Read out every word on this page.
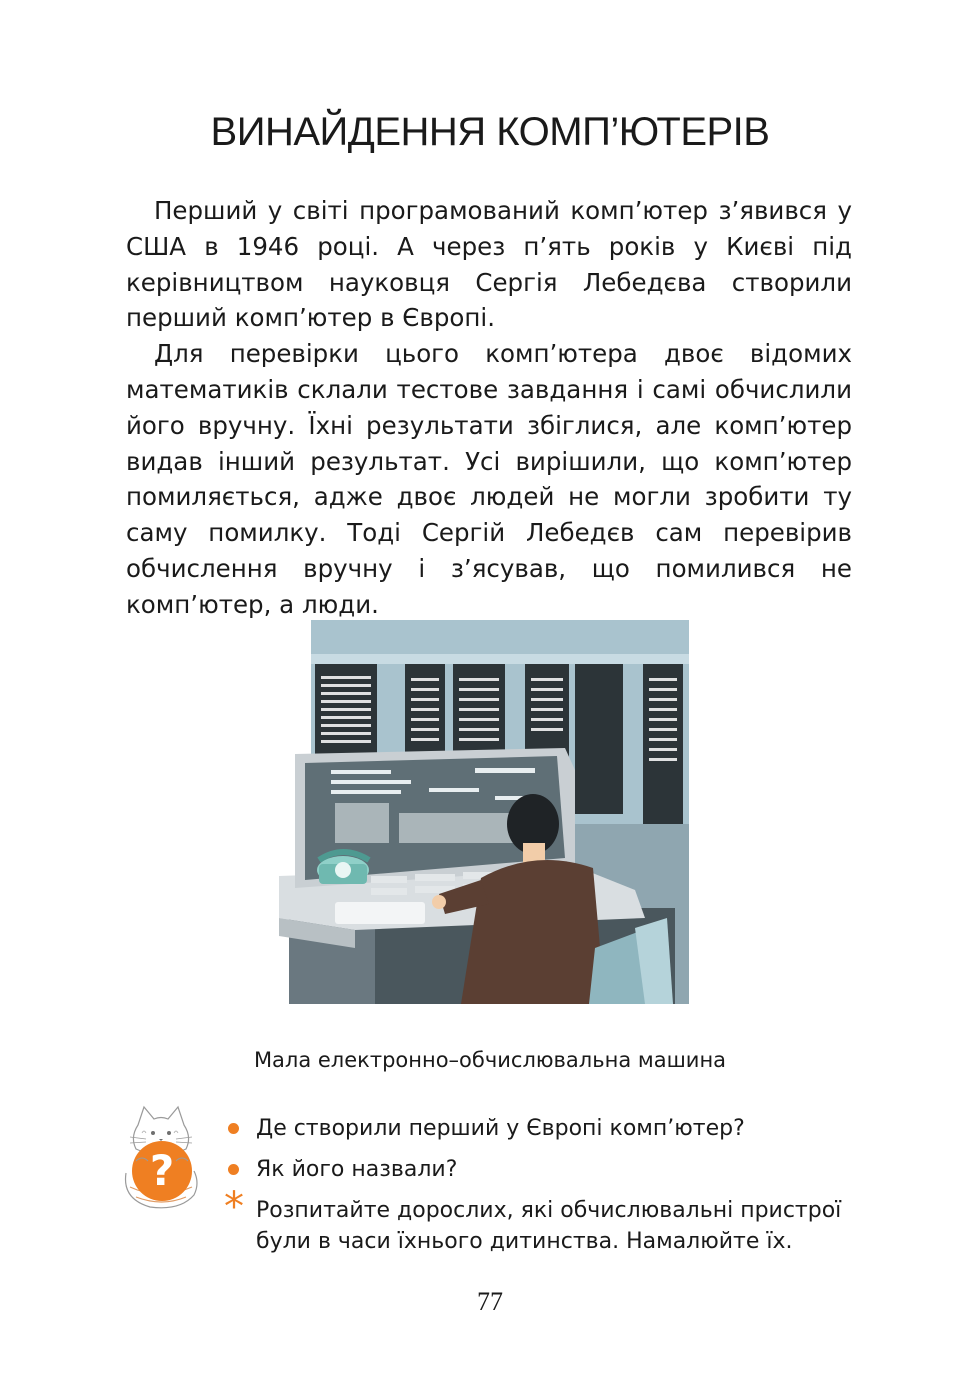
ВИНАЙДЕННЯ КОМП’ЮТЕРІВ

Перший у світі програмований комп’ютер з’явився у США в 1946 році. А через п’ять років у Києві під керівництвом науковця Сергія Лебедєва створили перший комп’ютер в Європі.

Для перевірки цього комп’ютера двоє відомих математиків склали тестове завдання і самі обчислили його вручну. Їхні результати збіглися, але комп’ютер видав інший результат. Усі вирішили, що комп’ютер помиляється, адже двоє людей не могли зробити ту саму помилку. Тоді Сергій Лебедєв сам перевірив обчислення вручну і з’ясував, що помилився не комп’ютер, а люди.

Мала електронно–обчислювальна машина
?
Де створили перший у Європі комп’ютер?
Як його назвали?
* Розпитайте дорослих, які обчислювальні пристрої були в часи їхнього дитинства. Намалюйте їх.
77
